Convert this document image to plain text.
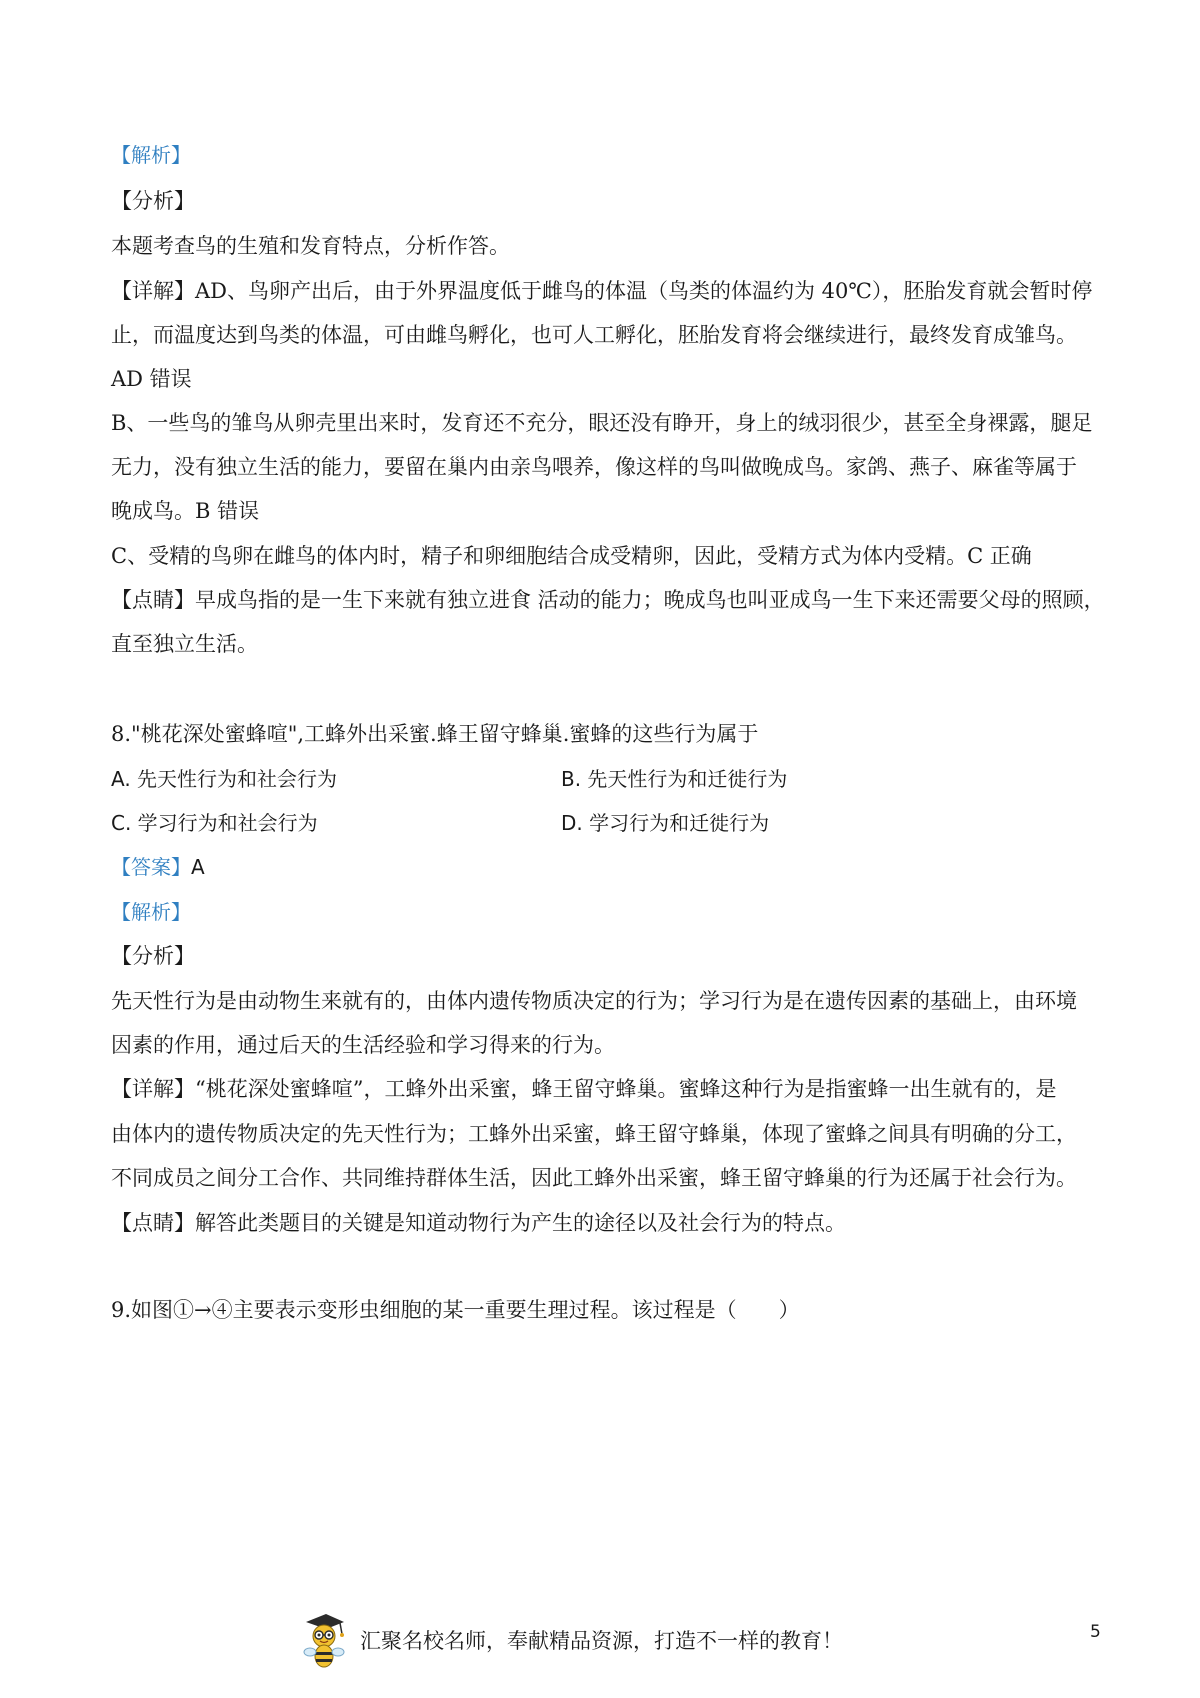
【解析】
【分析】
本题考查鸟的生殖和发育特点，分析作答。
【详解】AD、鸟卵产出后，由于外界温度低于雌鸟的体温（鸟类的体温约为 40℃），胚胎发育就会暂时停
止，而温度达到鸟类的体温，可由雌鸟孵化，也可人工孵化，胚胎发育将会继续进行，最终发育成雏鸟。
AD 错误
B、一些鸟的雏鸟从卵壳里出来时，发育还不充分，眼还没有睁开，身上的绒羽很少，甚至全身裸露，腿足
无力，没有独立生活的能力，要留在巢内由亲鸟喂养，像这样的鸟叫做晚成鸟。家鸽、燕子、麻雀等属于
晚成鸟。B 错误
C、受精的鸟卵在雌鸟的体内时，精子和卵细胞结合成受精卵，因此，受精方式为体内受精。C 正确
【点睛】早成鸟指的是一生下来就有独立进食 活动的能力；晚成鸟也叫亚成鸟一生下来还需要父母的照顾，
直至独立生活。
8."桃花深处蜜蜂喧",工蜂外出采蜜.蜂王留守蜂巢.蜜蜂的这些行为属于
A. 先天性行为和社会行为	B. 先天性行为和迁徙行为
C. 学习行为和社会行为	D. 学习行为和迁徙行为
【答案】A
【解析】
【分析】
先天性行为是由动物生来就有的，由体内遗传物质决定的行为；学习行为是在遗传因素的基础上，由环境
因素的作用，通过后天的生活经验和学习得来的行为。
【详解】“桃花深处蜜蜂喧”，工蜂外出采蜜，蜂王留守蜂巢。蜜蜂这种行为是指蜜蜂一出生就有的，是
由体内的遗传物质决定的先天性行为；工蜂外出采蜜，蜂王留守蜂巢，体现了蜜蜂之间具有明确的分工，
不同成员之间分工合作、共同维持群体生活，因此工蜂外出采蜜，蜂王留守蜂巢的行为还属于社会行为。
【点睛】解答此类题目的关键是知道动物行为产生的途径以及社会行为的特点。
9.如图①→④主要表示变形虫细胞的某一重要生理过程。该过程是（　　）
汇聚名校名师，奉献精品资源，打造不一样的教育！	5
